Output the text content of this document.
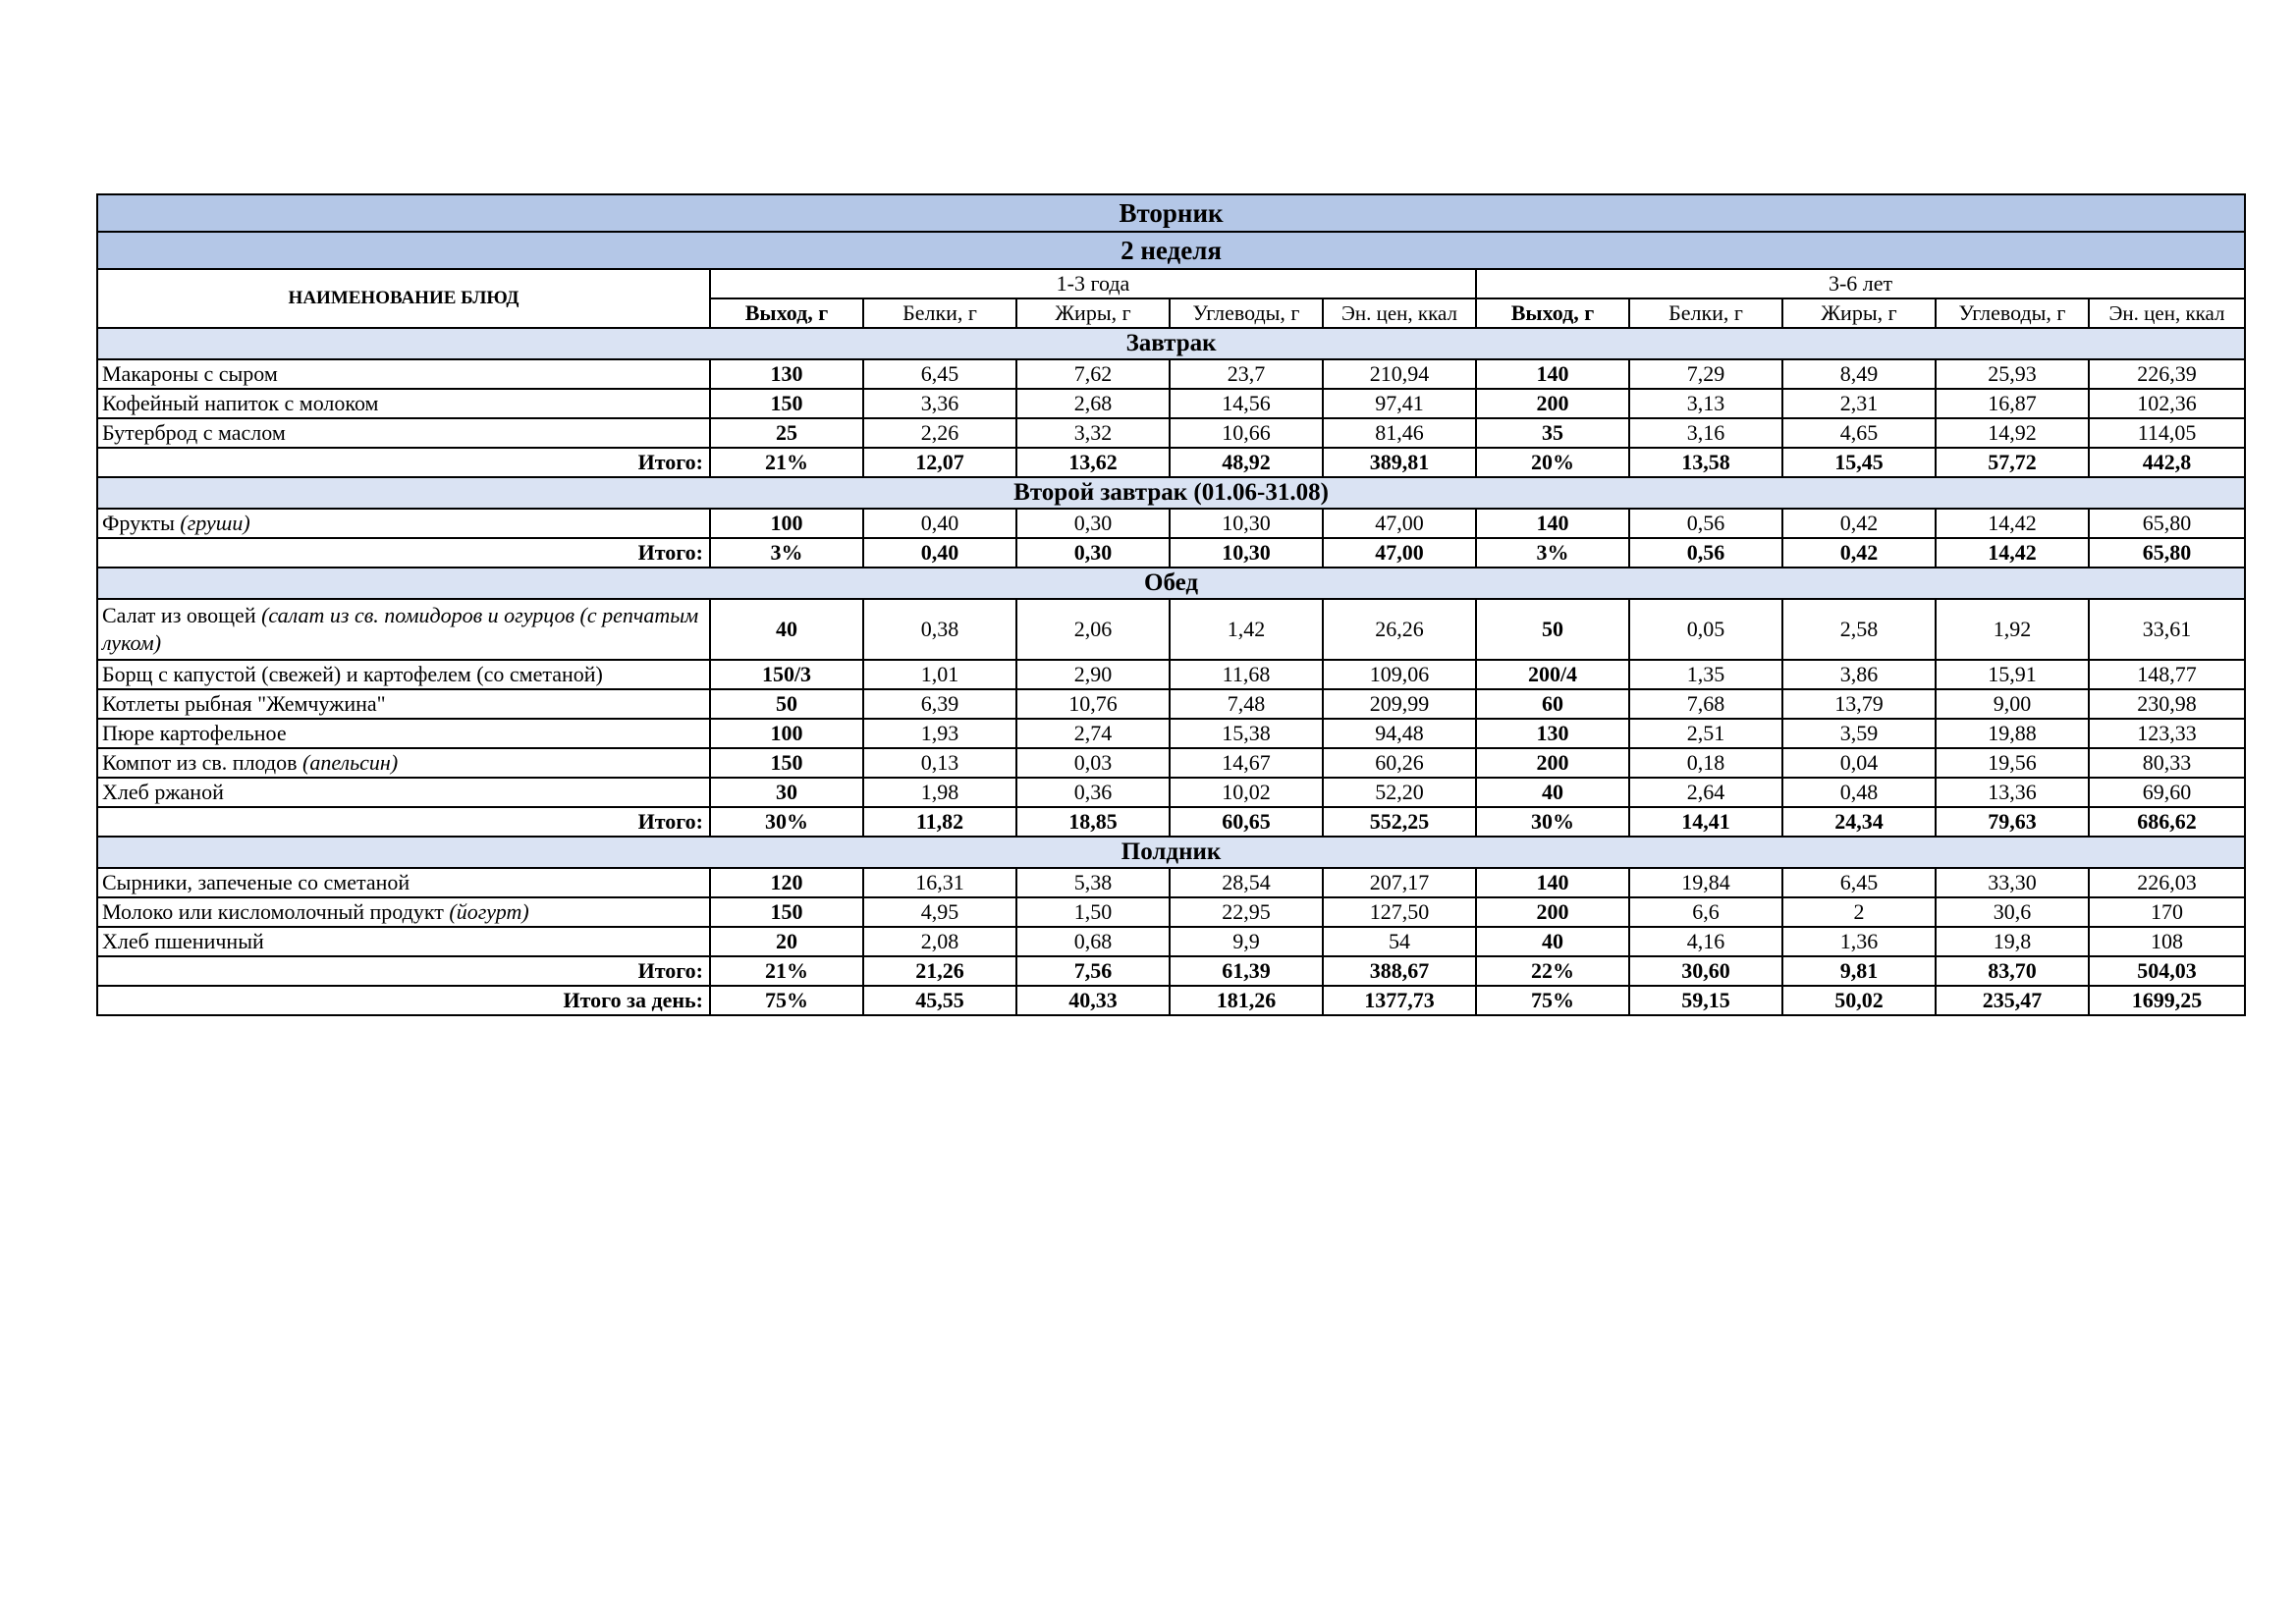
Вторник										
2 неделя										
НАИМЕНОВАНИЕ БЛЮД	1-3 года					3-6 лет				
	Выход, г	Белки, г	Жиры, г	Углеводы, г	Эн. цен, ккал	Выход, г	Белки, г	Жиры, г	Углеводы, г	Эн. цен, ккал
Завтрак										
Макароны с сыром	130	6,45	7,62	23,7	210,94	140	7,29	8,49	25,93	226,39
Кофейный напиток с молоком	150	3,36	2,68	14,56	97,41	200	3,13	2,31	16,87	102,36
Бутерброд с маслом	25	2,26	3,32	10,66	81,46	35	3,16	4,65	14,92	114,05
Итого:	21%	12,07	13,62	48,92	389,81	20%	13,58	15,45	57,72	442,8
Второй завтрак (01.06-31.08)										
Фрукты (груши)	100	0,40	0,30	10,30	47,00	140	0,56	0,42	14,42	65,80
Итого:	3%	0,40	0,30	10,30	47,00	3%	0,56	0,42	14,42	65,80
Обед										
Салат из овощей (салат из св. помидоров и огурцов (с репчатым луком)	40	0,38	2,06	1,42	26,26	50	0,05	2,58	1,92	33,61
Борщ с капустой (свежей) и картофелем (со сметаной)	150/3	1,01	2,90	11,68	109,06	200/4	1,35	3,86	15,91	148,77
Котлеты рыбная "Жемчужина"	50	6,39	10,76	7,48	209,99	60	7,68	13,79	9,00	230,98
Пюре картофельное	100	1,93	2,74	15,38	94,48	130	2,51	3,59	19,88	123,33
Компот из св. плодов (апельсин)	150	0,13	0,03	14,67	60,26	200	0,18	0,04	19,56	80,33
Хлеб ржаной	30	1,98	0,36	10,02	52,20	40	2,64	0,48	13,36	69,60
Итого:	30%	11,82	18,85	60,65	552,25	30%	14,41	24,34	79,63	686,62
Полдник										
Сырники, запеченые со сметаной	120	16,31	5,38	28,54	207,17	140	19,84	6,45	33,30	226,03
Молоко или кисломолочный продукт (йогурт)	150	4,95	1,50	22,95	127,50	200	6,6	2	30,6	170
Хлеб пшеничный	20	2,08	0,68	9,9	54	40	4,16	1,36	19,8	108
Итого:	21%	21,26	7,56	61,39	388,67	22%	30,60	9,81	83,70	504,03
Итого за день:	75%	45,55	40,33	181,26	1377,73	75%	59,15	50,02	235,47	1699,25
